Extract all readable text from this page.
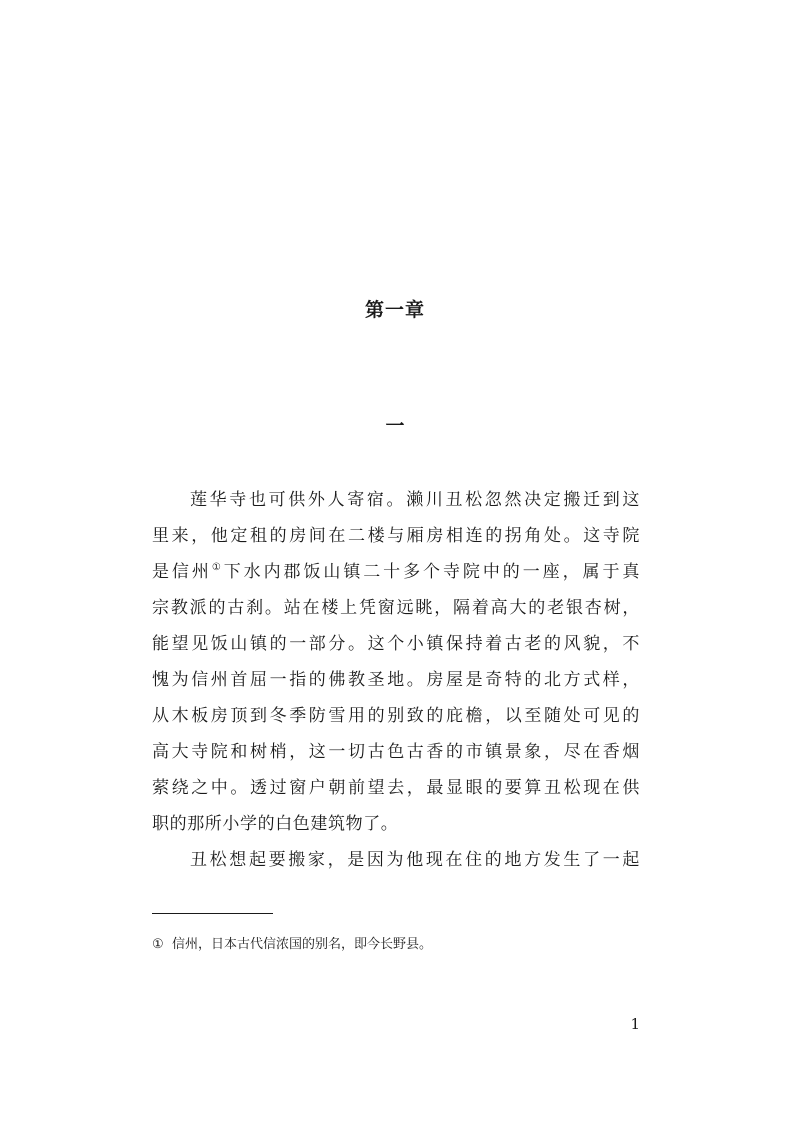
第一章
一
莲华寺也可供外人寄宿。濑川丑松忽然决定搬迁到这
里来，他定租的房间在二楼与厢房相连的拐角处。这寺院
是信州①下水内郡饭山镇二十多个寺院中的一座，属于真
宗教派的古刹。站在楼上凭窗远眺，隔着高大的老银杏树，
能望见饭山镇的一部分。这个小镇保持着古老的风貌，不
愧为信州首屈一指的佛教圣地。房屋是奇特的北方式样，
从木板房顶到冬季防雪用的别致的庇檐，以至随处可见的
高大寺院和树梢，这一切古色古香的市镇景象，尽在香烟
萦绕之中。透过窗户朝前望去，最显眼的要算丑松现在供
职的那所小学的白色建筑物了。
丑松想起要搬家，是因为他现在住的地方发生了一起
① 信州，日本古代信浓国的别名，即今长野县。
1
